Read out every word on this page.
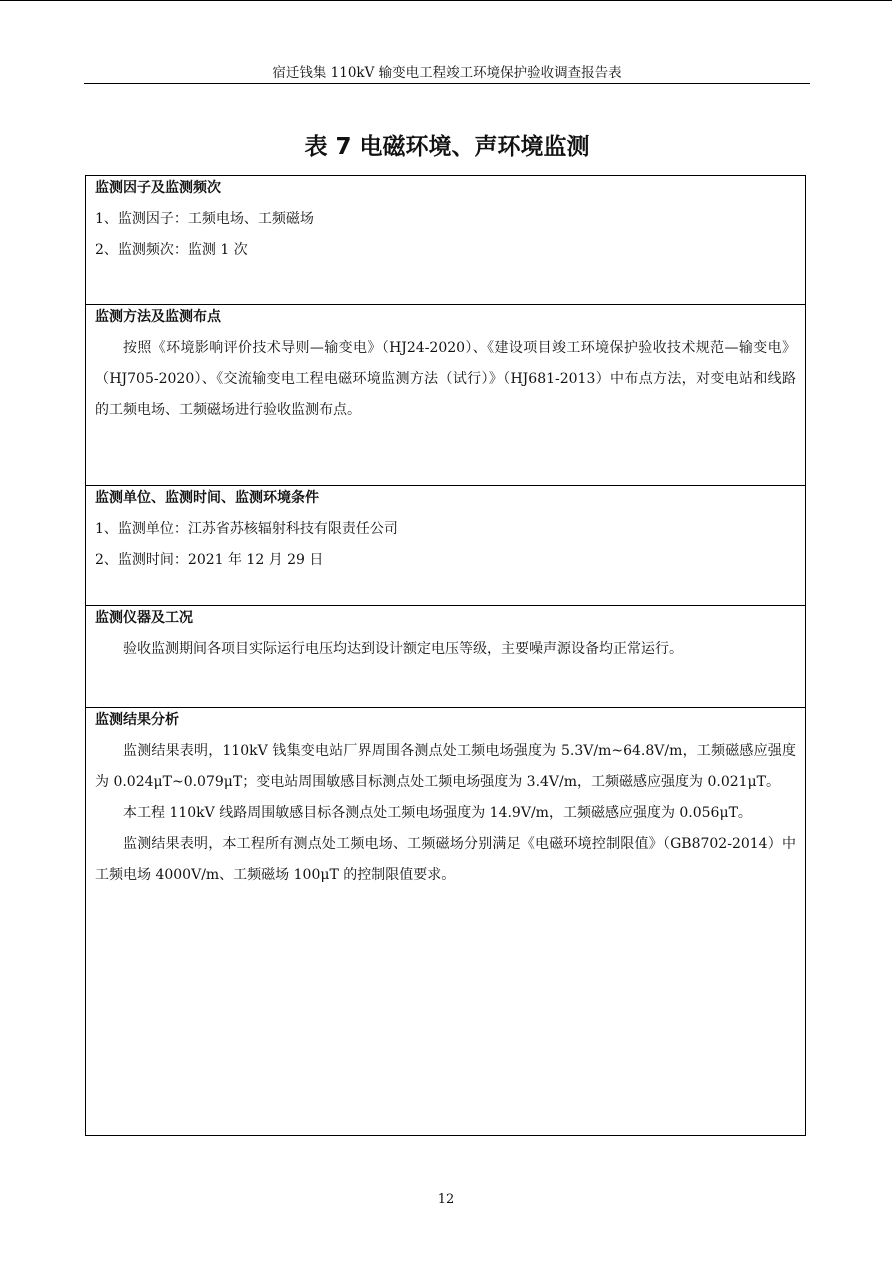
宿迁钱集 110kV 输变电工程竣工环境保护验收调查报告表
表 7 电磁环境、声环境监测
监测因子及监测频次
1、监测因子：工频电场、工频磁场
2、监测频次：监测 1 次
监测方法及监测布点
按照《环境影响评价技术导则—输变电》（HJ24-2020）、《建设项目竣工环境保护验收技术规范—输变电》（HJ705-2020）、《交流输变电工程电磁环境监测方法（试行）》（HJ681-2013）中布点方法，对变电站和线路的工频电场、工频磁场进行验收监测布点。
监测单位、监测时间、监测环境条件
1、监测单位：江苏省苏核辐射科技有限责任公司
2、监测时间：2021 年 12 月 29 日
监测仪器及工况
验收监测期间各项目实际运行电压均达到设计额定电压等级，主要噪声源设备均正常运行。
监测结果分析
监测结果表明，110kV 钱集变电站厂界周围各测点处工频电场强度为 5.3V/m~64.8V/m，工频磁感应强度为 0.024μT~0.079μT；变电站周围敏感目标测点处工频电场强度为 3.4V/m，工频磁感应强度为 0.021μT。
本工程 110kV 线路周围敏感目标各测点处工频电场强度为 14.9V/m，工频磁感应强度为 0.056μT。
监测结果表明，本工程所有测点处工频电场、工频磁场分别满足《电磁环境控制限值》（GB8702-2014）中工频电场 4000V/m、工频磁场 100μT 的控制限值要求。
12
